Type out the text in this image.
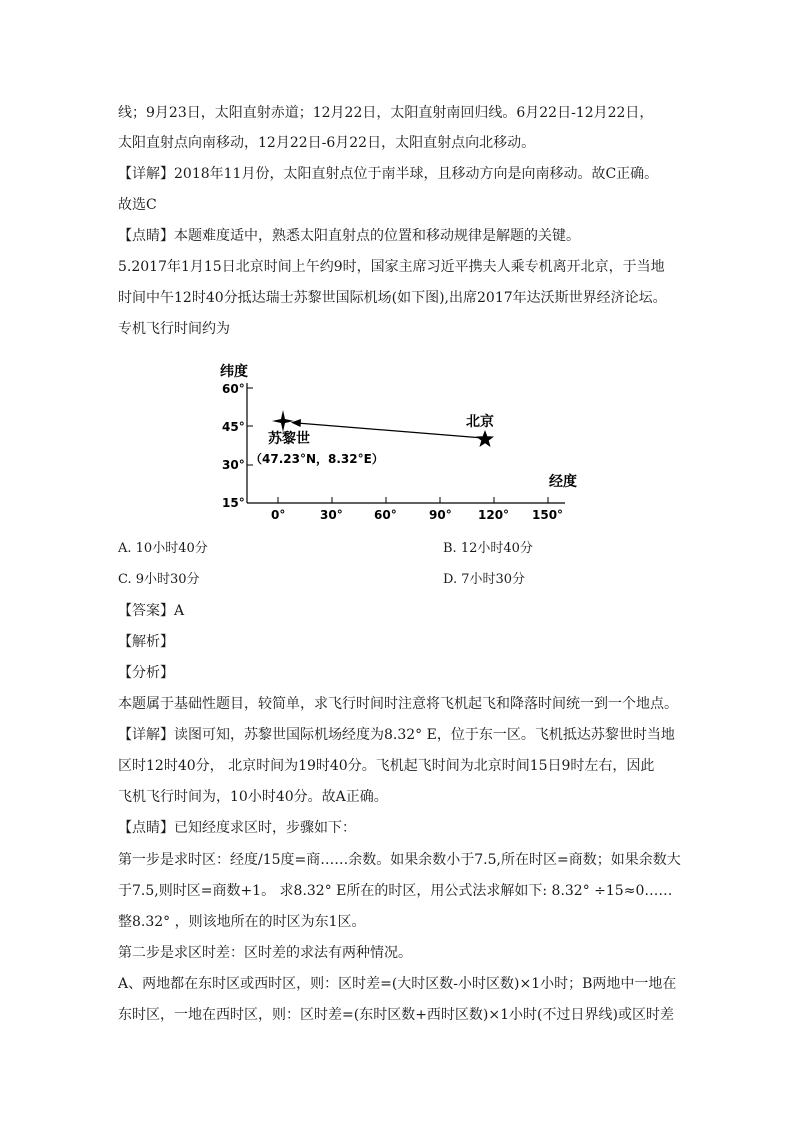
线；9月23日，太阳直射赤道；12月22日，太阳直射南回归线。6月22日-12月22日，
太阳直射点向南移动，12月22日-6月22日，太阳直射点向北移动。
【详解】2018年11月份，太阳直射点位于南半球，且移动方向是向南移动。故C正确。
故选C
【点睛】本题难度适中，熟悉太阳直射点的位置和移动规律是解题的关键。
5.2017年1月15日北京时间上午约9时，国家主席习近平携夫人乘专机离开北京，于当地
时间中午12时40分抵达瑞士苏黎世国际机场(如下图),出席2017年达沃斯世界经济论坛。
专机飞行时间约为
纬度
经度
60°
45°
30°
15°
0°	30°	60°	90° 120° 150°
苏黎世
（47.23°N，8.32°E）
北京
A. 10小时40分	B. 12小时40分
C. 9小时30分	D. 7小时30分
【答案】A
【解析】
【分析】
本题属于基础性题目，较简单，求飞行时间时注意将飞机起飞和降落时间统一到一个地点。
【详解】读图可知，苏黎世国际机场经度为8.32° E，位于东一区。飞机抵达苏黎世时当地
区时12时40分， 北京时间为19时40分。飞机起飞时间为北京时间15日9时左右，因此
飞机飞行时间为，10小时40分。故A正确。
【点睛】已知经度求区时，步骤如下：
第一步是求时区：经度/15度=商……余数。如果余数小于7.5,所在时区=商数；如果余数大
于7.5,则时区=商数+1。 求8.32° E所在的时区，用公式法求解如下: 8.32° ÷15≈0……
整8.32° ，则该地所在的时区为东1区。
第二步是求区时差：区时差的求法有两种情况。
A、两地都在东时区或西时区，则：区时差=(大时区数-小时区数)×1小时；B两地中一地在
东时区，一地在西时区，则：区时差=(东时区数+西时区数)×1小时(不过日界线)或区时差
